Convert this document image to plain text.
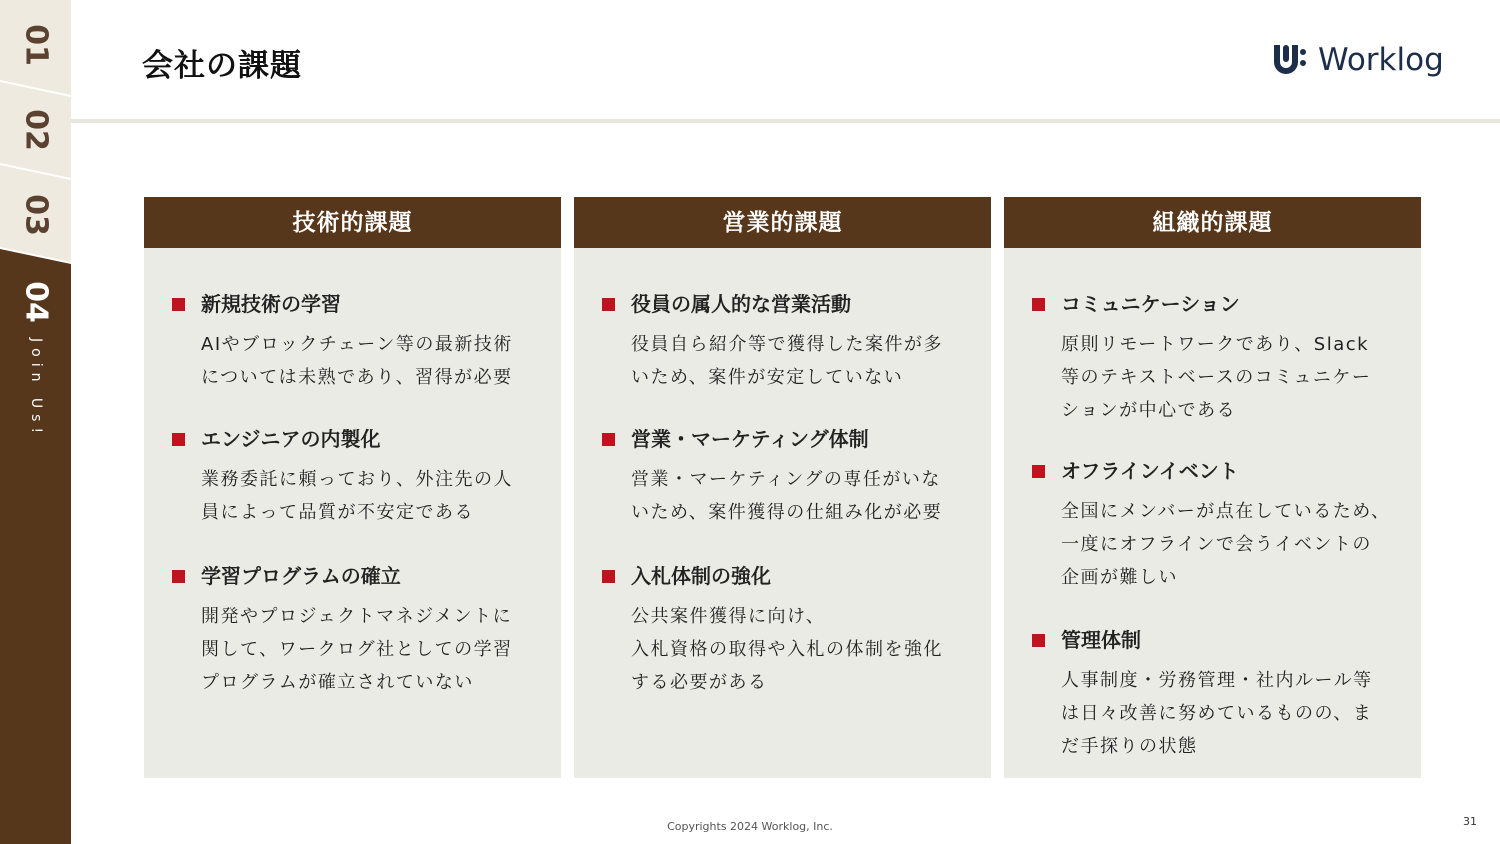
01
02
03
04
Join Us!
会社の課題	Worklog
技術的課題
新規技術の学習
AIやブロックチェーン等の最新技術
については未熟であり、習得が必要
エンジニアの内製化
業務委託に頼っており、外注先の人
員によって品質が不安定である
学習プログラムの確立
開発やプロジェクトマネジメントに
関して、ワークログ社としての学習
プログラムが確立されていない
営業的課題
役員の属人的な営業活動
役員自ら紹介等で獲得した案件が多
いため、案件が安定していない
営業・マーケティング体制
営業・マーケティングの専任がいな
いため、案件獲得の仕組み化が必要
入札体制の強化
公共案件獲得に向け、
入札資格の取得や入札の体制を強化
する必要がある
組織的課題
コミュニケーション
原則リモートワークであり、Slack
等のテキストベースのコミュニケー
ションが中心である
オフラインイベント
全国にメンバーが点在しているため、
一度にオフラインで会うイベントの
企画が難しい
管理体制
人事制度・労務管理・社内ルール等
は日々改善に努めているものの、ま
だ手探りの状態
Copyrights 2024 Worklog, Inc.	31
